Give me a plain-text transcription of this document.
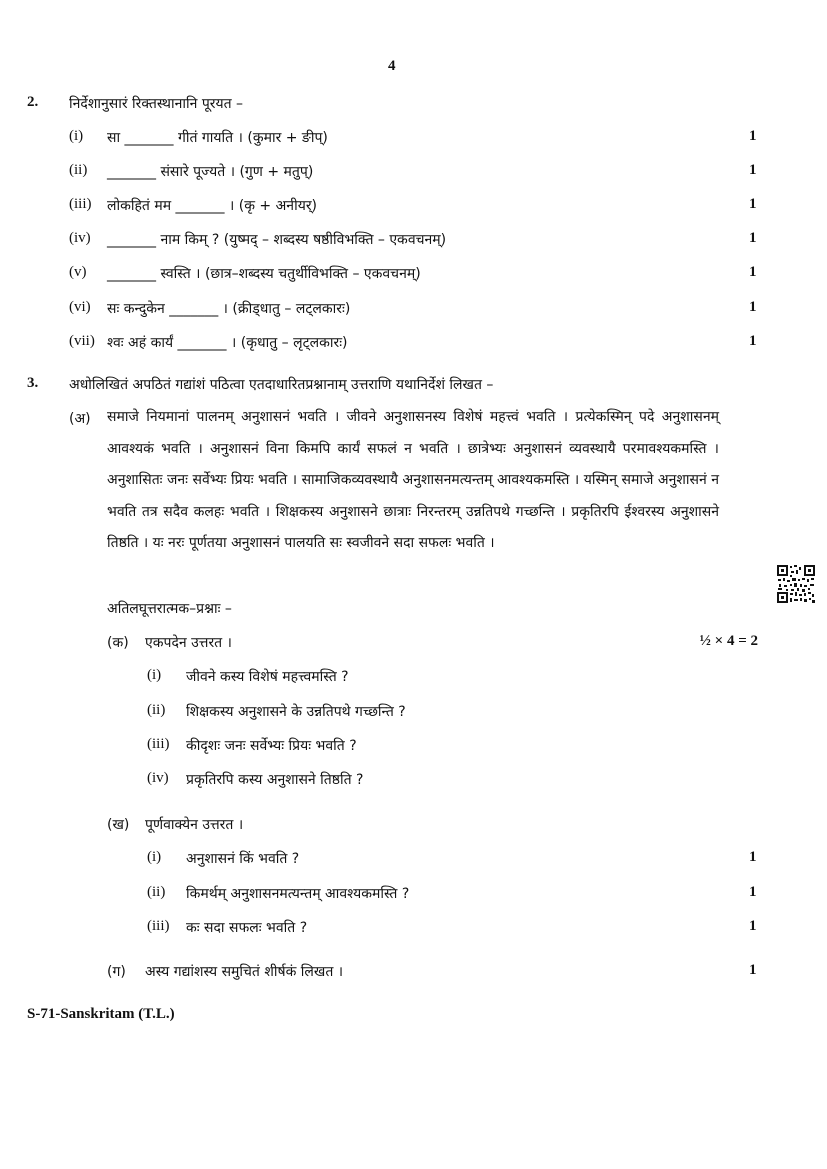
4
2. निर्देशानुसारं रिक्तस्थानानि पूरयत –
(i) सा _______ गीतं गायति । (कुमार + ङीप्)	1
(ii) _______ संसारे पूज्यते । (गुण + मतुप्)	1
(iii) लोकहितं मम _______ । (कृ + अनीयर्)	1
(iv) _______ नाम किम् ? (युष्मद् – शब्दस्य षष्ठीविभक्ति – एकवचनम्)	1
(v) _______ स्वस्ति । (छात्र–शब्दस्य चतुर्थीविभक्ति – एकवचनम्)	1
(vi) सः कन्दुकेन _______ । (क्रीड्धातु – लट्लकारः)	1
(vii) श्वः अहं कार्यं _______ । (कृधातु – लृट्लकारः)	1
3. अधोलिखितं अपठितं गद्यांशं पठित्वा एतदाधारितप्रश्नानाम् उत्तराणि यथानिर्देशं लिखत –
(अ) समाजे नियमानां पालनम् अनुशासनं भवति । जीवने अनुशासनस्य विशेषं महत्त्वं भवति । प्रत्येकस्मिन् पदे अनुशासनम् आवश्यकं भवति । अनुशासनं विना किमपि कार्यं सफलं न भवति । छात्रेभ्यः अनुशासनं व्यवस्थायै परमावश्यकमस्ति । अनुशासितः जनः सर्वेभ्यः प्रियः भवति । सामाजिकव्यवस्थायै अनुशासनमत्यन्तम् आवश्यकमस्ति । यस्मिन् समाजे अनुशासनं न भवति तत्र सदैव कलहः भवति । शिक्षकस्य अनुशासने छात्राः निरन्तरम् उन्नतिपथे गच्छन्ति । प्रकृतिरपि ईश्वरस्य अनुशासने तिष्ठति । यः नरः पूर्णतया अनुशासनं पालयति सः स्वजीवने सदा सफलः भवति ।
अतिलघूत्तरात्मक–प्रश्नाः –
(क) एकपदेन उत्तरत ।	½ × 4 = 2
(i) जीवने कस्य विशेषं महत्त्वमस्ति ?
(ii) शिक्षकस्य अनुशासने के उन्नतिपथे गच्छन्ति ?
(iii) कीदृशः जनः सर्वेभ्यः प्रियः भवति ?
(iv) प्रकृतिरपि कस्य अनुशासने तिष्ठति ?
(ख) पूर्णवाक्येन उत्तरत ।
(i) अनुशासनं किं भवति ?	1
(ii) किमर्थम् अनुशासनमत्यन्तम् आवश्यकमस्ति ?	1
(iii) कः सदा सफलः भवति ?	1
(ग) अस्य गद्यांशस्य समुचितं शीर्षकं लिखत ।	1
S-71-Sanskritam (T.L.)
